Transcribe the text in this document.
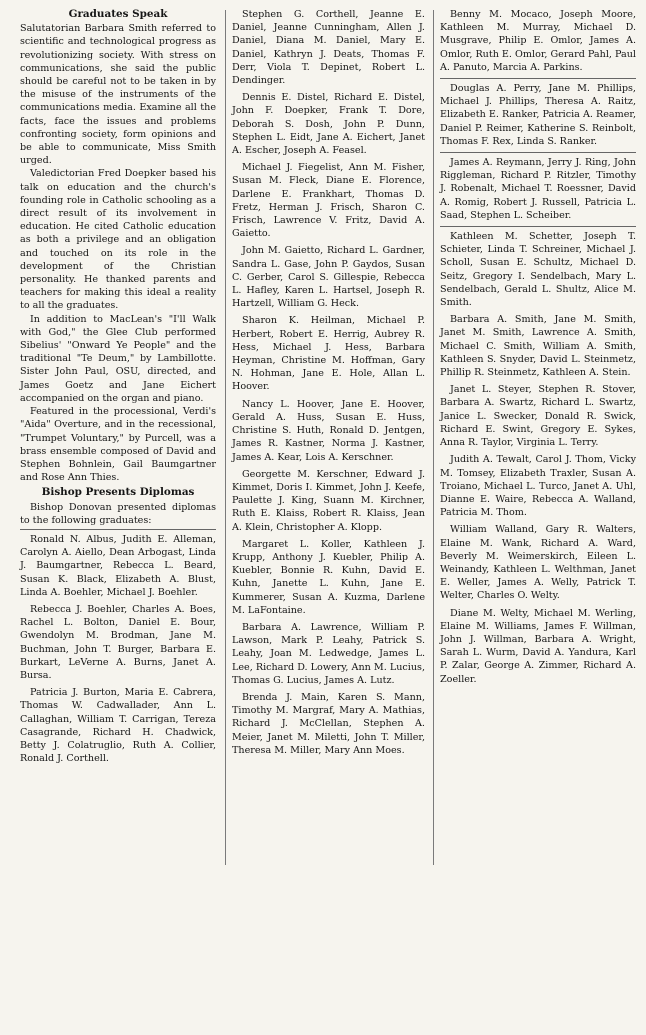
Graduates Speak

Salutatorian Barbara Smith referred to scientific and technological progress as revolutionizing society. With stress on communications, she said the public should be careful not to be taken in by the misuse of the instruments of the communications media. Examine all the facts, face the issues and problems confronting society, form opinions and be able to communicate, Miss Smith urged.

Valedictorian Fred Doepker based his talk on education and the church's founding role in Catholic schooling as a direct result of its involvement in education. He cited Catholic education as both a privilege and an obligation and touched on its role in the development of the Christian personality. He thanked parents and teachers for making this ideal a reality to all the graduates.

In addition to MacLean's "I'll Walk with God," the Glee Club performed Sibelius' "Onward Ye People" and the traditional "Te Deum," by Lambillotte. Sister John Paul, OSU, directed, and James Goetz and Jane Eichert accompanied on the organ and piano.

Featured in the processional, Verdi's "Aida" Overture, and in the recessional, "Trumpet Voluntary," by Purcell, was a brass ensemble composed of David and Stephen Bohnlein, Gail Baumgartner and Rose Ann Thies.

Bishop Presents Diplomas

Bishop Donovan presented diplomas to the following graduates:

Ronald N. Albus, Judith E. Alleman, Carolyn A. Aiello, Dean Arbogast, Linda J. Baumgartner, Rebecca L. Beard, Susan K. Black, Elizabeth A. Blust, Linda A. Boehler, Michael J. Boehler.

Rebecca J. Boehler, Charles A. Boes, Rachel L. Bolton, Daniel E. Bour, Gwendolyn M. Brodman, Jane M. Buchman, John T. Burger, Barbara E. Burkart, LeVerne A. Burns, Janet A. Bursa.

Patricia J. Burton, Maria E. Cabrera, Thomas W. Cadwallader, Ann L. Callaghan, William T. Carrigan, Tereza Casagrande, Richard H. Chadwick, Betty J. Colatruglio, Ruth A. Collier, Ronald J. Corthell.

Stephen G. Corthell, Jeanne E. Daniel, Jeanne Cunningham, Allen J. Daniel, Diana M. Daniel, Mary E. Daniel, Kathryn J. Deats, Thomas F. Derr, Viola T. Depinet, Robert L. Dendinger.

Dennis E. Distel, Richard E. Distel, John F. Doepker, Frank T. Dore, Deborah S. Dosh, John P. Dunn, Stephen L. Eidt, Jane A. Eichert, Janet A. Escher, Joseph A. Feasel.

Michael J. Fiegelist, Ann M. Fisher, Susan M. Fleck, Diane E. Florence, Darlene E. Frankhart, Thomas D. Fretz, Herman J. Frisch, Sharon C. Frisch, Lawrence V. Fritz, David A. Gaietto.

John M. Gaietto, Richard L. Gardner, Sandra L. Gase, John P. Gaydos, Susan C. Gerber, Carol S. Gillespie, Rebecca L. Hafley, Karen L. Hartsel, Joseph R. Hartzell, William G. Heck.

Sharon K. Heilman, Michael P. Herbert, Robert E. Herrig, Aubrey R. Hess, Michael J. Hess, Barbara Heyman, Christine M. Hoffman, Gary N. Hohman, Jane E. Hole, Allan L. Hoover.

Nancy L. Hoover, Jane E. Hoover, Gerald A. Huss, Susan E. Huss, Christine S. Huth, Ronald D. Jentgen, James R. Kastner, Norma J. Kastner, James A. Kear, Lois A. Kerschner.

Georgette M. Kerschner, Edward J. Kimmet, Doris I. Kimmet, John J. Keefe, Paulette J. King, Suann M. Kirchner, Ruth E. Klaiss, Robert R. Klaiss, Jean A. Klein, Christopher A. Klopp.

Margaret L. Koller, Kathleen J. Krupp, Anthony J. Kuebler, Philip A. Kuebler, Bonnie R. Kuhn, David E. Kuhn, Janette L. Kuhn, Jane E. Kummerer, Susan A. Kuzma, Darlene M. LaFontaine.

Barbara A. Lawrence, William P. Lawson, Mark P. Leahy, Patrick S. Leahy, Joan M. Ledwedge, James L. Lee, Richard D. Lowery, Ann M. Lucius, Thomas G. Lucius, James A. Lutz.

Brenda J. Main, Karen S. Mann, Timothy M. Margraf, Mary A. Mathias, Richard J. McClellan, Stephen A. Meier, Janet M. Miletti, John T. Miller, Theresa M. Miller, Mary Ann Moes.

Benny M. Mocaco, Joseph Moore, Kathleen M. Murray, Michael D. Musgrave, Philip E. Omlor, James A. Omlor, Ruth E. Omlor, Gerard Pahl, Paul A. Panuto, Marcia A. Parkins.

Douglas A. Perry, Jane M. Phillips, Michael J. Phillips, Theresa A. Raitz, Elizabeth E. Ranker, Patricia A. Reamer, Daniel P. Reimer, Katherine S. Reinbolt, Thomas F. Rex, Linda S. Ranker.

James A. Reymann, Jerry J. Ring, John Riggleman, Richard P. Ritzler, Timothy J. Robenalt, Michael T. Roessner, David A. Romig, Robert J. Russell, Patricia L. Saad, Stephen L. Scheiber.

Kathleen M. Schetter, Joseph T. Schieter, Linda T. Schreiner, Michael J. Scholl, Susan E. Schultz, Michael D. Seitz, Gregory I. Sendelbach, Mary L. Sendelbach, Gerald L. Shultz, Alice M. Smith.

Barbara A. Smith, Jane M. Smith, Janet M. Smith, Lawrence A. Smith, Michael C. Smith, William A. Smith, Kathleen S. Snyder, David L. Steinmetz, Phillip R. Steinmetz, Kathleen A. Stein.

Janet L. Steyer, Stephen R. Stover, Barbara A. Swartz, Richard L. Swartz, Janice L. Swecker, Donald R. Swick, Richard E. Swint, Gregory E. Sykes, Anna R. Taylor, Virginia L. Terry.

Judith A. Tewalt, Carol J. Thom, Vicky M. Tomsey, Elizabeth Traxler, Susan A. Troiano, Michael L. Turco, Janet A. Uhl, Dianne E. Waire, Rebecca A. Walland, Patricia M. Thom.

William Walland, Gary R. Walters, Elaine M. Wank, Richard A. Ward, Beverly M. Weimerskirch, Eileen L. Weinandy, Kathleen L. Welthman, Janet E. Weller, James A. Welly, Patrick T. Welter, Charles O. Welty.

Diane M. Welty, Michael M. Werling, Elaine M. Williams, James F. Willman, John J. Willman, Barbara A. Wright, Sarah L. Wurm, David A. Yandura, Karl P. Zalar, George A. Zimmer, Richard A. Zoeller.
